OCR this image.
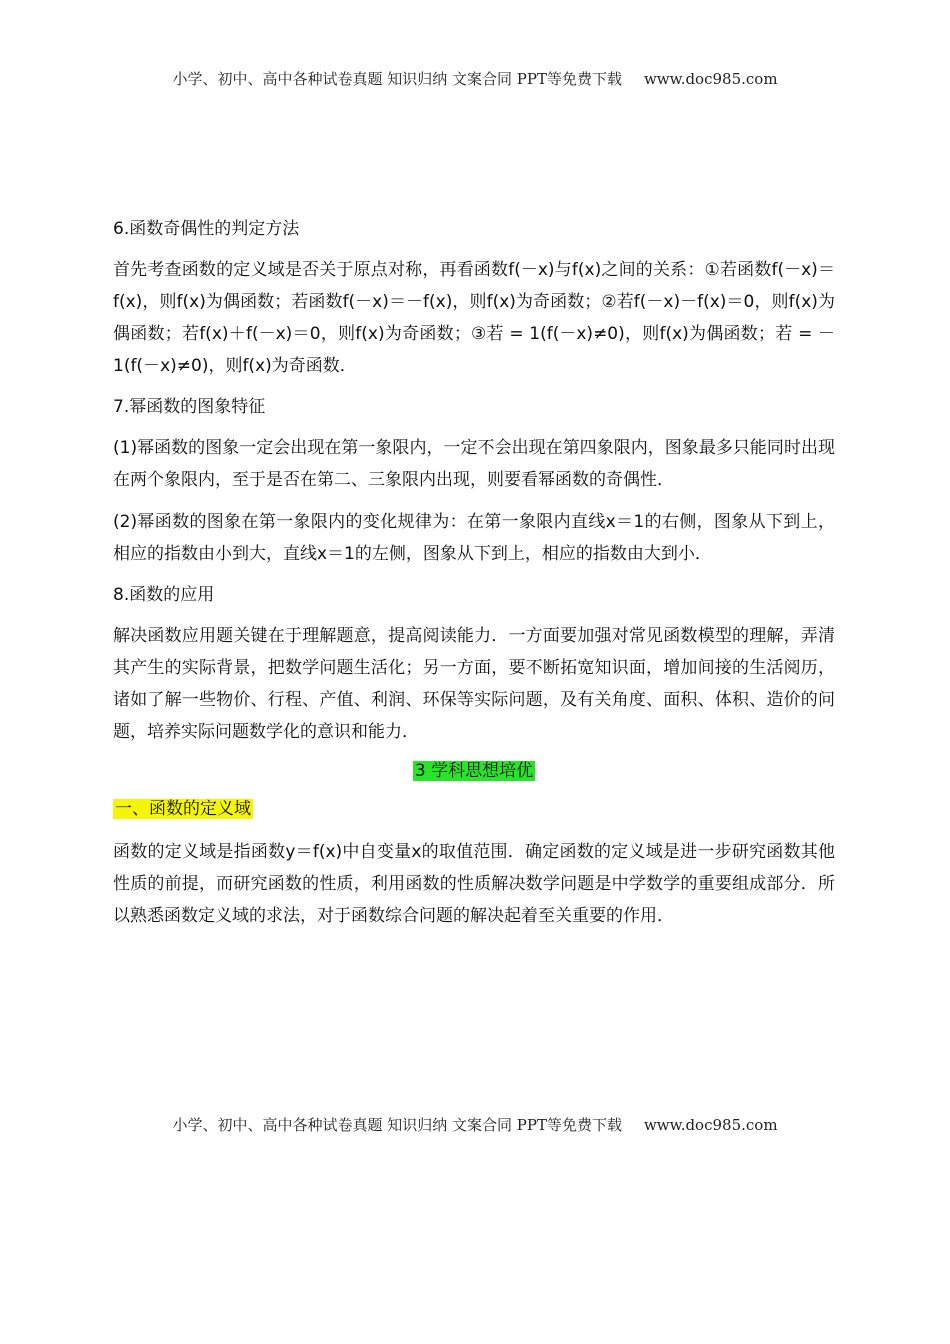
小学、初中、高中各种试卷真题 知识归纳 文案合同 PPT等免费下载 www.doc985.com
6.函数奇偶性的判定方法
首先考查函数的定义域是否关于原点对称，再看函数f(－x)与f(x)之间的关系：①若函数f(－x)＝f(x)，则f(x)为偶函数；若函数f(－x)＝－f(x)，则f(x)为奇函数；②若f(－x)－f(x)＝0，则f(x)为偶函数；若f(x)＋f(－x)＝0，则f(x)为奇函数；③若 = 1(f(－x)≠0)，则f(x)为偶函数；若 = －1(f(－x)≠0)，则f(x)为奇函数．
7.幂函数的图象特征
(1)幂函数的图象一定会出现在第一象限内，一定不会出现在第四象限内，图象最多只能同时出现在两个象限内，至于是否在第二、三象限内出现，则要看幂函数的奇偶性．
(2)幂函数的图象在第一象限内的变化规律为：在第一象限内直线x＝1的右侧，图象从下到上，相应的指数由小到大，直线x＝1的左侧，图象从下到上，相应的指数由大到小．
8.函数的应用
解决函数应用题关键在于理解题意，提高阅读能力．一方面要加强对常见函数模型的理解，弄清其产生的实际背景，把数学问题生活化；另一方面，要不断拓宽知识面，增加间接的生活阅历，诸如了解一些物价、行程、产值、利润、环保等实际问题，及有关角度、面积、体积、造价的问题，培养实际问题数学化的意识和能力．
3 学科思想培优
一、函数的定义域
函数的定义域是指函数y＝f(x)中自变量x的取值范围．确定函数的定义域是进一步研究函数其他性质的前提，而研究函数的性质，利用函数的性质解决数学问题是中学数学的重要组成部分．所以熟悉函数定义域的求法，对于函数综合问题的解决起着至关重要的作用．
小学、初中、高中各种试卷真题 知识归纳 文案合同 PPT等免费下载 www.doc985.com
